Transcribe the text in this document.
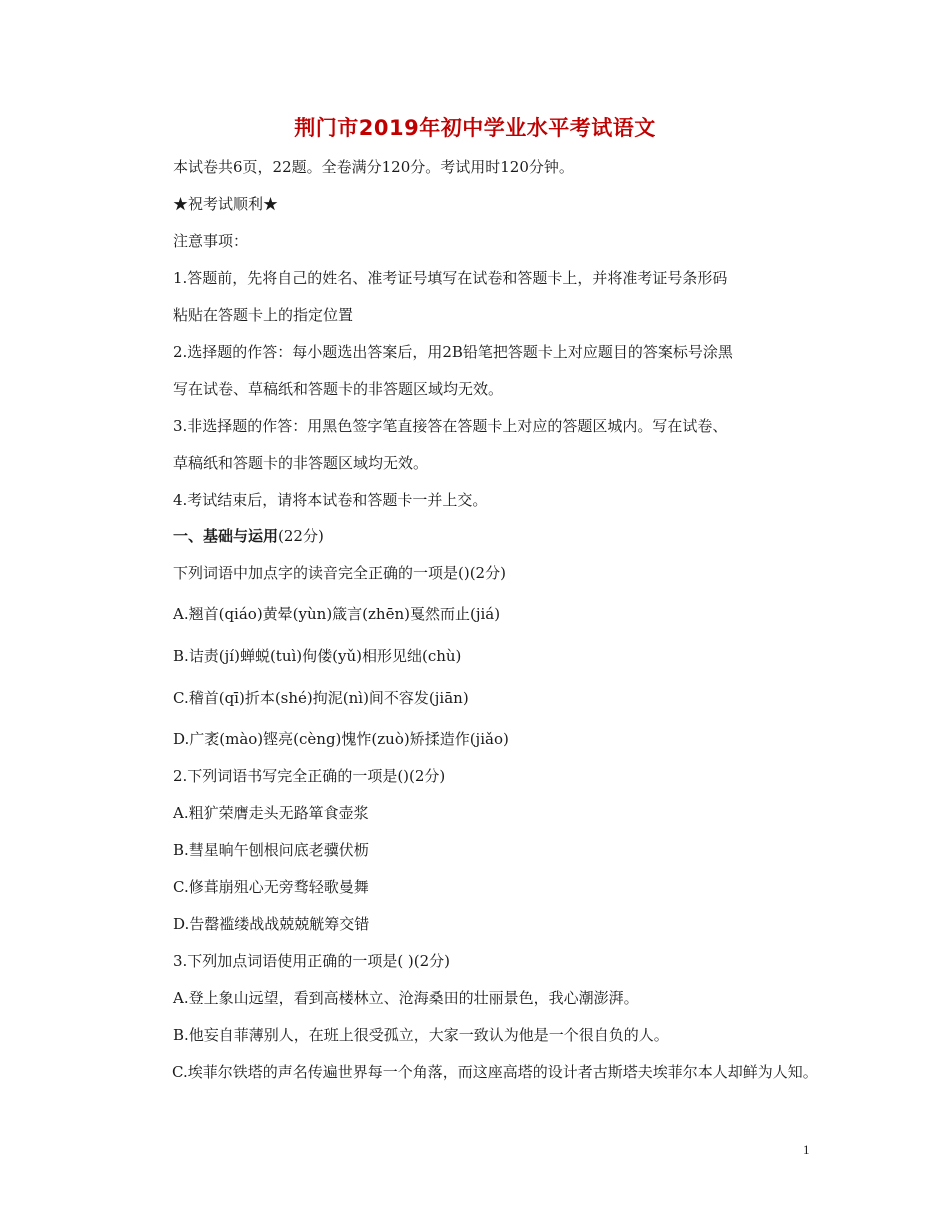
荆门市2019年初中学业水平考试语文
本试卷共6页，22题。全卷满分120分。考试用时120分钟。
★祝考试顺利★
注意事项：
1.答题前，先将自己的姓名、准考证号填写在试卷和答题卡上，并将准考证号条形码
粘贴在答题卡上的指定位置
2.选择题的作答：每小题选出答案后，用2B铅笔把答题卡上对应题目的答案标号涂黑
写在试卷、草稿纸和答题卡的非答题区域均无效。
3.非选择题的作答：用黑色签字笔直接答在答题卡上对应的答题区城内。写在试卷、
草稿纸和答题卡的非答题区域均无效。
4.考试结束后，请将本试卷和答题卡一并上交。
一、基础与运用(22分)
下列词语中加点字的读音完全正确的一项是()(2分)
A.翘首(qiáo)黄晕(yùn)箴言(zhēn)戛然而止(jiá)
B.诘责(jí)蝉蜕(tuì)佝偻(yǔ)相形见绌(chù)
C.稽首(qī)折本(shé)拘泥(nì)间不容发(jiān)
D.广袤(mào)铿亮(cèng)愧怍(zuò)矫揉造作(jiǎo)
2.下列词语书写完全正确的一项是()(2分)
A.粗犷荣膺走头无路箪食壶浆
B.彗星晌午刨根问底老骥伏枥
C.修葺崩殂心无旁骛轻歌曼舞
D.告罄褴缕战战兢兢觥筹交错
3.下列加点词语使用正确的一项是( )(2分)
A.登上象山远望，看到高楼林立、沧海桑田的壮丽景色，我心潮澎湃。
B.他妄自菲薄别人，在班上很受孤立，大家一致认为他是一个很自负的人。
C.埃菲尔铁塔的声名传遍世界每一个角落，而这座高塔的设计者古斯塔夫埃菲尔本人却鲜为人知。
1
